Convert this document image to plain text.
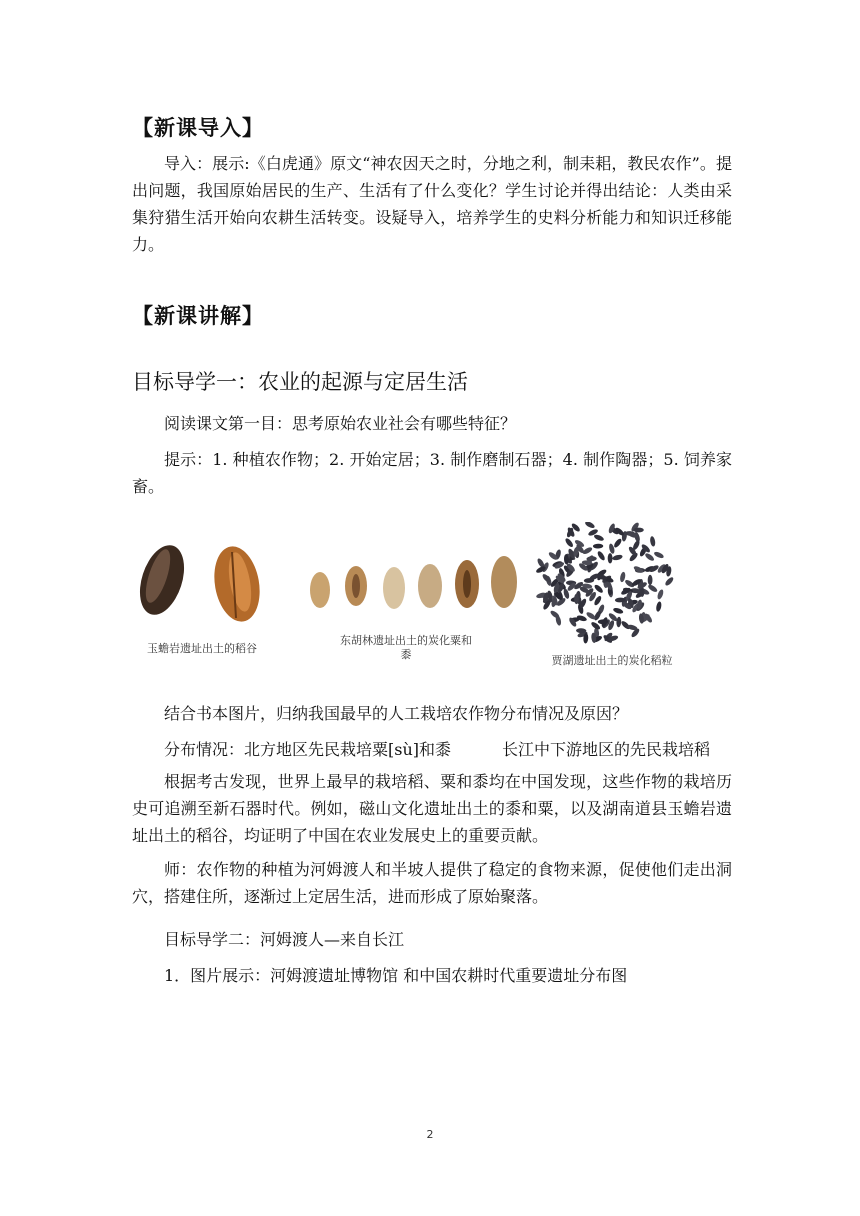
【新课导入】
导入：展示:《白虎通》原文“神农因天之时，分地之利，制耒耜，教民农作”。提出问题，我国原始居民的生产、生活有了什么变化？学生讨论并得出结论：人类由采集狩猎生活开始向农耕生活转变。设疑导入，培养学生的史料分析能力和知识迁移能力。
【新课讲解】
目标导学一：农业的起源与定居生活
阅读课文第一目：思考原始农业社会有哪些特征？
提示：1. 种植农作物；2. 开始定居；3. 制作磨制石器；4. 制作陶器；5. 饲养家畜。
玉蟾岩遗址出土的稻谷
东胡林遗址出土的炭化粟和黍	贾湖遗址出土的炭化稻粒
结合书本图片，归纳我国最早的人工栽培农作物分布情况及原因？
分布情况：北方地区先民栽培粟[sù]和黍	长江中下游地区的先民栽培稻
根据考古发现，世界上最早的栽培稻、粟和黍均在中国发现，这些作物的栽培历史可追溯至新石器时代。例如，磁山文化遗址出土的黍和粟，以及湖南道县玉蟾岩遗址出土的稻谷，均证明了中国在农业发展史上的重要贡献。
师：农作物的种植为河姆渡人和半坡人提供了稳定的食物来源，促使他们走出洞穴，搭建住所，逐渐过上定居生活，进而形成了原始聚落。
目标导学二：河姆渡人—来自长江
1．图片展示：河姆渡遗址博物馆 和中国农耕时代重要遗址分布图
2
